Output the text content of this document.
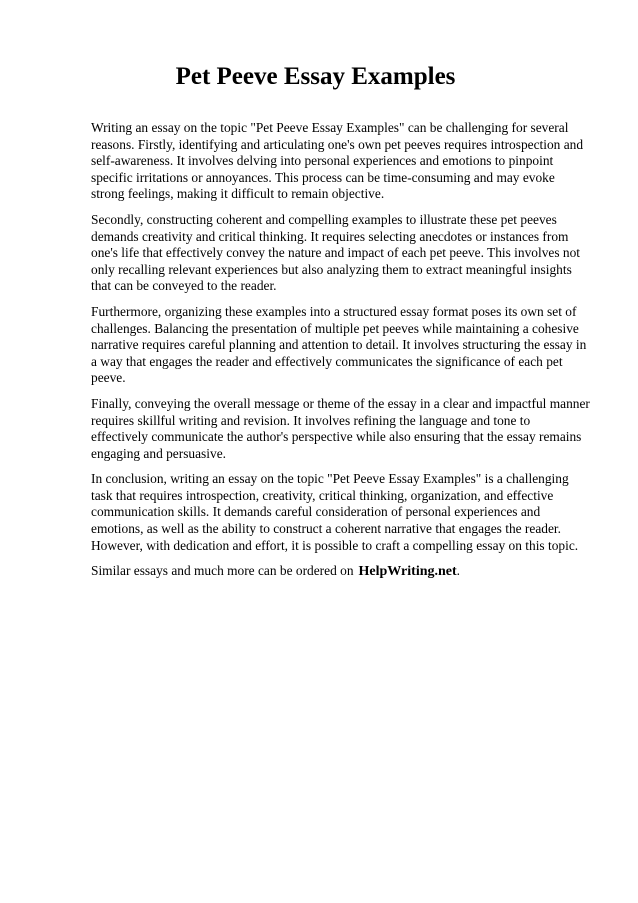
Pet Peeve Essay Examples

Writing an essay on the topic "Pet Peeve Essay Examples" can be challenging for several reasons. Firstly, identifying and articulating one's own pet peeves requires introspection and self-awareness. It involves delving into personal experiences and emotions to pinpoint specific irritations or annoyances. This process can be time-consuming and may evoke strong feelings, making it difficult to remain objective.

Secondly, constructing coherent and compelling examples to illustrate these pet peeves demands creativity and critical thinking. It requires selecting anecdotes or instances from one's life that effectively convey the nature and impact of each pet peeve. This involves not only recalling relevant experiences but also analyzing them to extract meaningful insights that can be conveyed to the reader.

Furthermore, organizing these examples into a structured essay format poses its own set of challenges. Balancing the presentation of multiple pet peeves while maintaining a cohesive narrative requires careful planning and attention to detail. It involves structuring the essay in a way that engages the reader and effectively communicates the significance of each pet peeve.

Finally, conveying the overall message or theme of the essay in a clear and impactful manner requires skillful writing and revision. It involves refining the language and tone to effectively communicate the author's perspective while also ensuring that the essay remains engaging and persuasive.

In conclusion, writing an essay on the topic "Pet Peeve Essay Examples" is a challenging task that requires introspection, creativity, critical thinking, organization, and effective communication skills. It demands careful consideration of personal experiences and emotions, as well as the ability to construct a coherent narrative that engages the reader. However, with dedication and effort, it is possible to craft a compelling essay on this topic.

Similar essays and much more can be ordered on HelpWriting.net.
